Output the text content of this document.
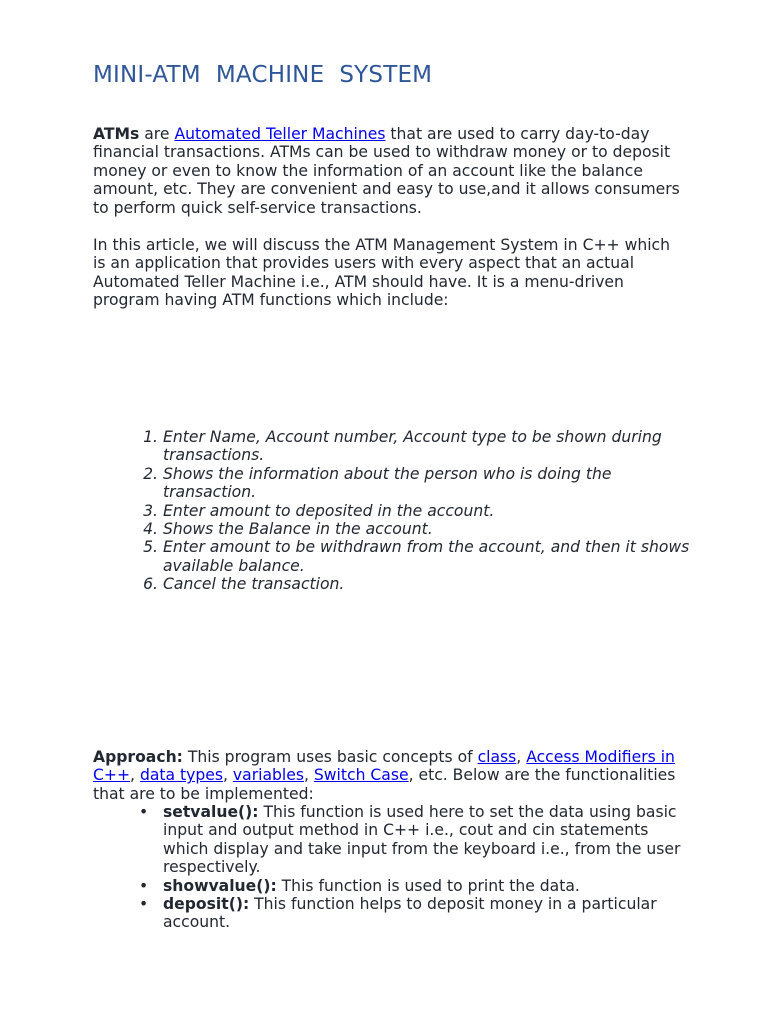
MINI-ATM  MACHINE  SYSTEM

ATMs are Automated Teller Machines that are used to carry day-to-day financial transactions. ATMs can be used to withdraw money or to deposit money or even to know the information of an account like the balance amount, etc. They are convenient and easy to use,and it allows consumers to perform quick self-service transactions.

In this article, we will discuss the ATM Management System in C++ which is an application that provides users with every aspect that an actual Automated Teller Machine i.e., ATM should have. It is a menu-driven program having ATM functions which include:

1. Enter Name, Account number, Account type to be shown during transactions.
2. Shows the information about the person who is doing the transaction.
3. Enter amount to deposited in the account.
4. Shows the Balance in the account.
5. Enter amount to be withdrawn from the account, and then it shows available balance.
6. Cancel the transaction.

Approach: This program uses basic concepts of class, Access Modifiers in C++, data types, variables, Switch Case, etc. Below are the functionalities that are to be implemented:

• setvalue(): This function is used here to set the data using basic input and output method in C++ i.e., cout and cin statements which display and take input from the keyboard i.e., from the user respectively.
• showvalue(): This function is used to print the data.
• deposit(): This function helps to deposit money in a particular account.
